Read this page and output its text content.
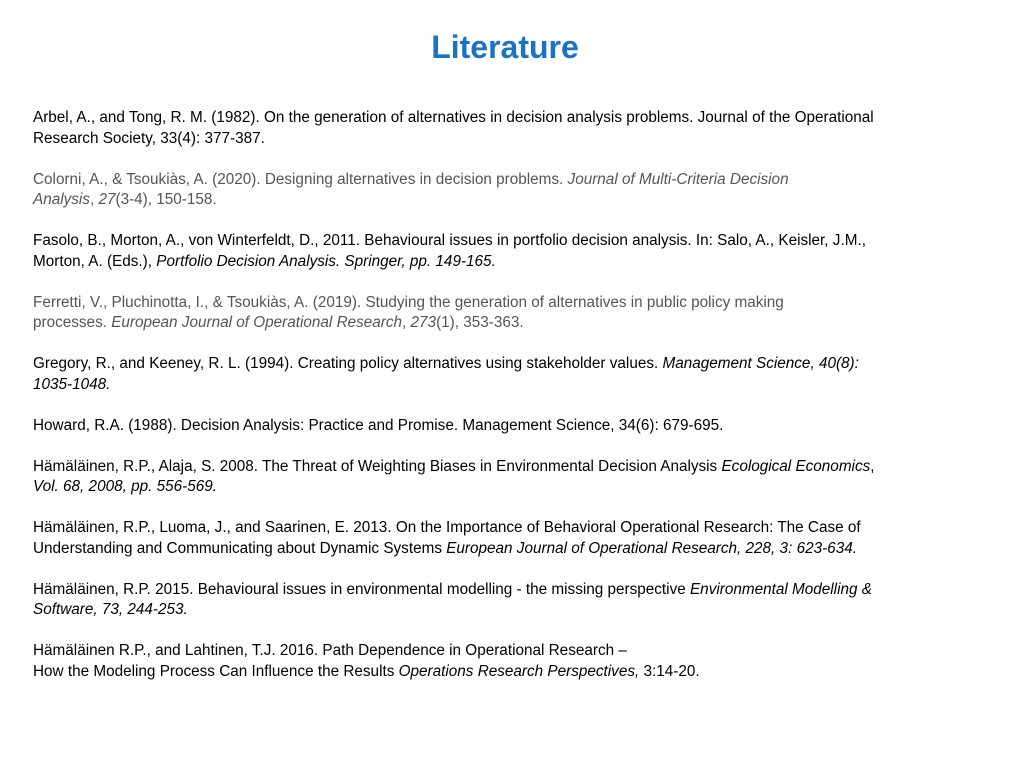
Literature
Arbel, A., and Tong, R. M. (1982). On the generation of alternatives in decision analysis problems. Journal of the Operational
Research Society, 33(4): 377-387.
Colorni, A., & Tsoukiàs, A. (2020). Designing alternatives in decision problems. Journal of Multi-Criteria Decision
Analysis, 27(3-4), 150-158.
Fasolo, B., Morton, A., von Winterfeldt, D., 2011. Behavioural issues in portfolio decision analysis. In: Salo, A., Keisler, J.M.,
Morton, A. (Eds.), Portfolio Decision Analysis. Springer, pp. 149-165.
Ferretti, V., Pluchinotta, I., & Tsoukiàs, A. (2019). Studying the generation of alternatives in public policy making
processes. European Journal of Operational Research, 273(1), 353-363.
Gregory, R., and Keeney, R. L. (1994). Creating policy alternatives using stakeholder values. Management Science, 40(8):
1035-1048.
Howard, R.A. (1988). Decision Analysis: Practice and Promise. Management Science, 34(6): 679-695.
Hämäläinen, R.P., Alaja, S. 2008. The Threat of Weighting Biases in Environmental Decision Analysis Ecological Economics,
Vol. 68, 2008, pp. 556-569.
Hämäläinen, R.P., Luoma, J., and Saarinen, E. 2013. On the Importance of Behavioral Operational Research: The Case of
Understanding and Communicating about Dynamic Systems European Journal of Operational Research, 228, 3: 623-634.
Hämäläinen, R.P. 2015. Behavioural issues in environmental modelling - the missing perspective Environmental Modelling &
Software, 73, 244-253.
Hämäläinen R.P., and Lahtinen, T.J. 2016. Path Dependence in Operational Research –
How the Modeling Process Can Influence the Results Operations Research Perspectives, 3:14-20.
